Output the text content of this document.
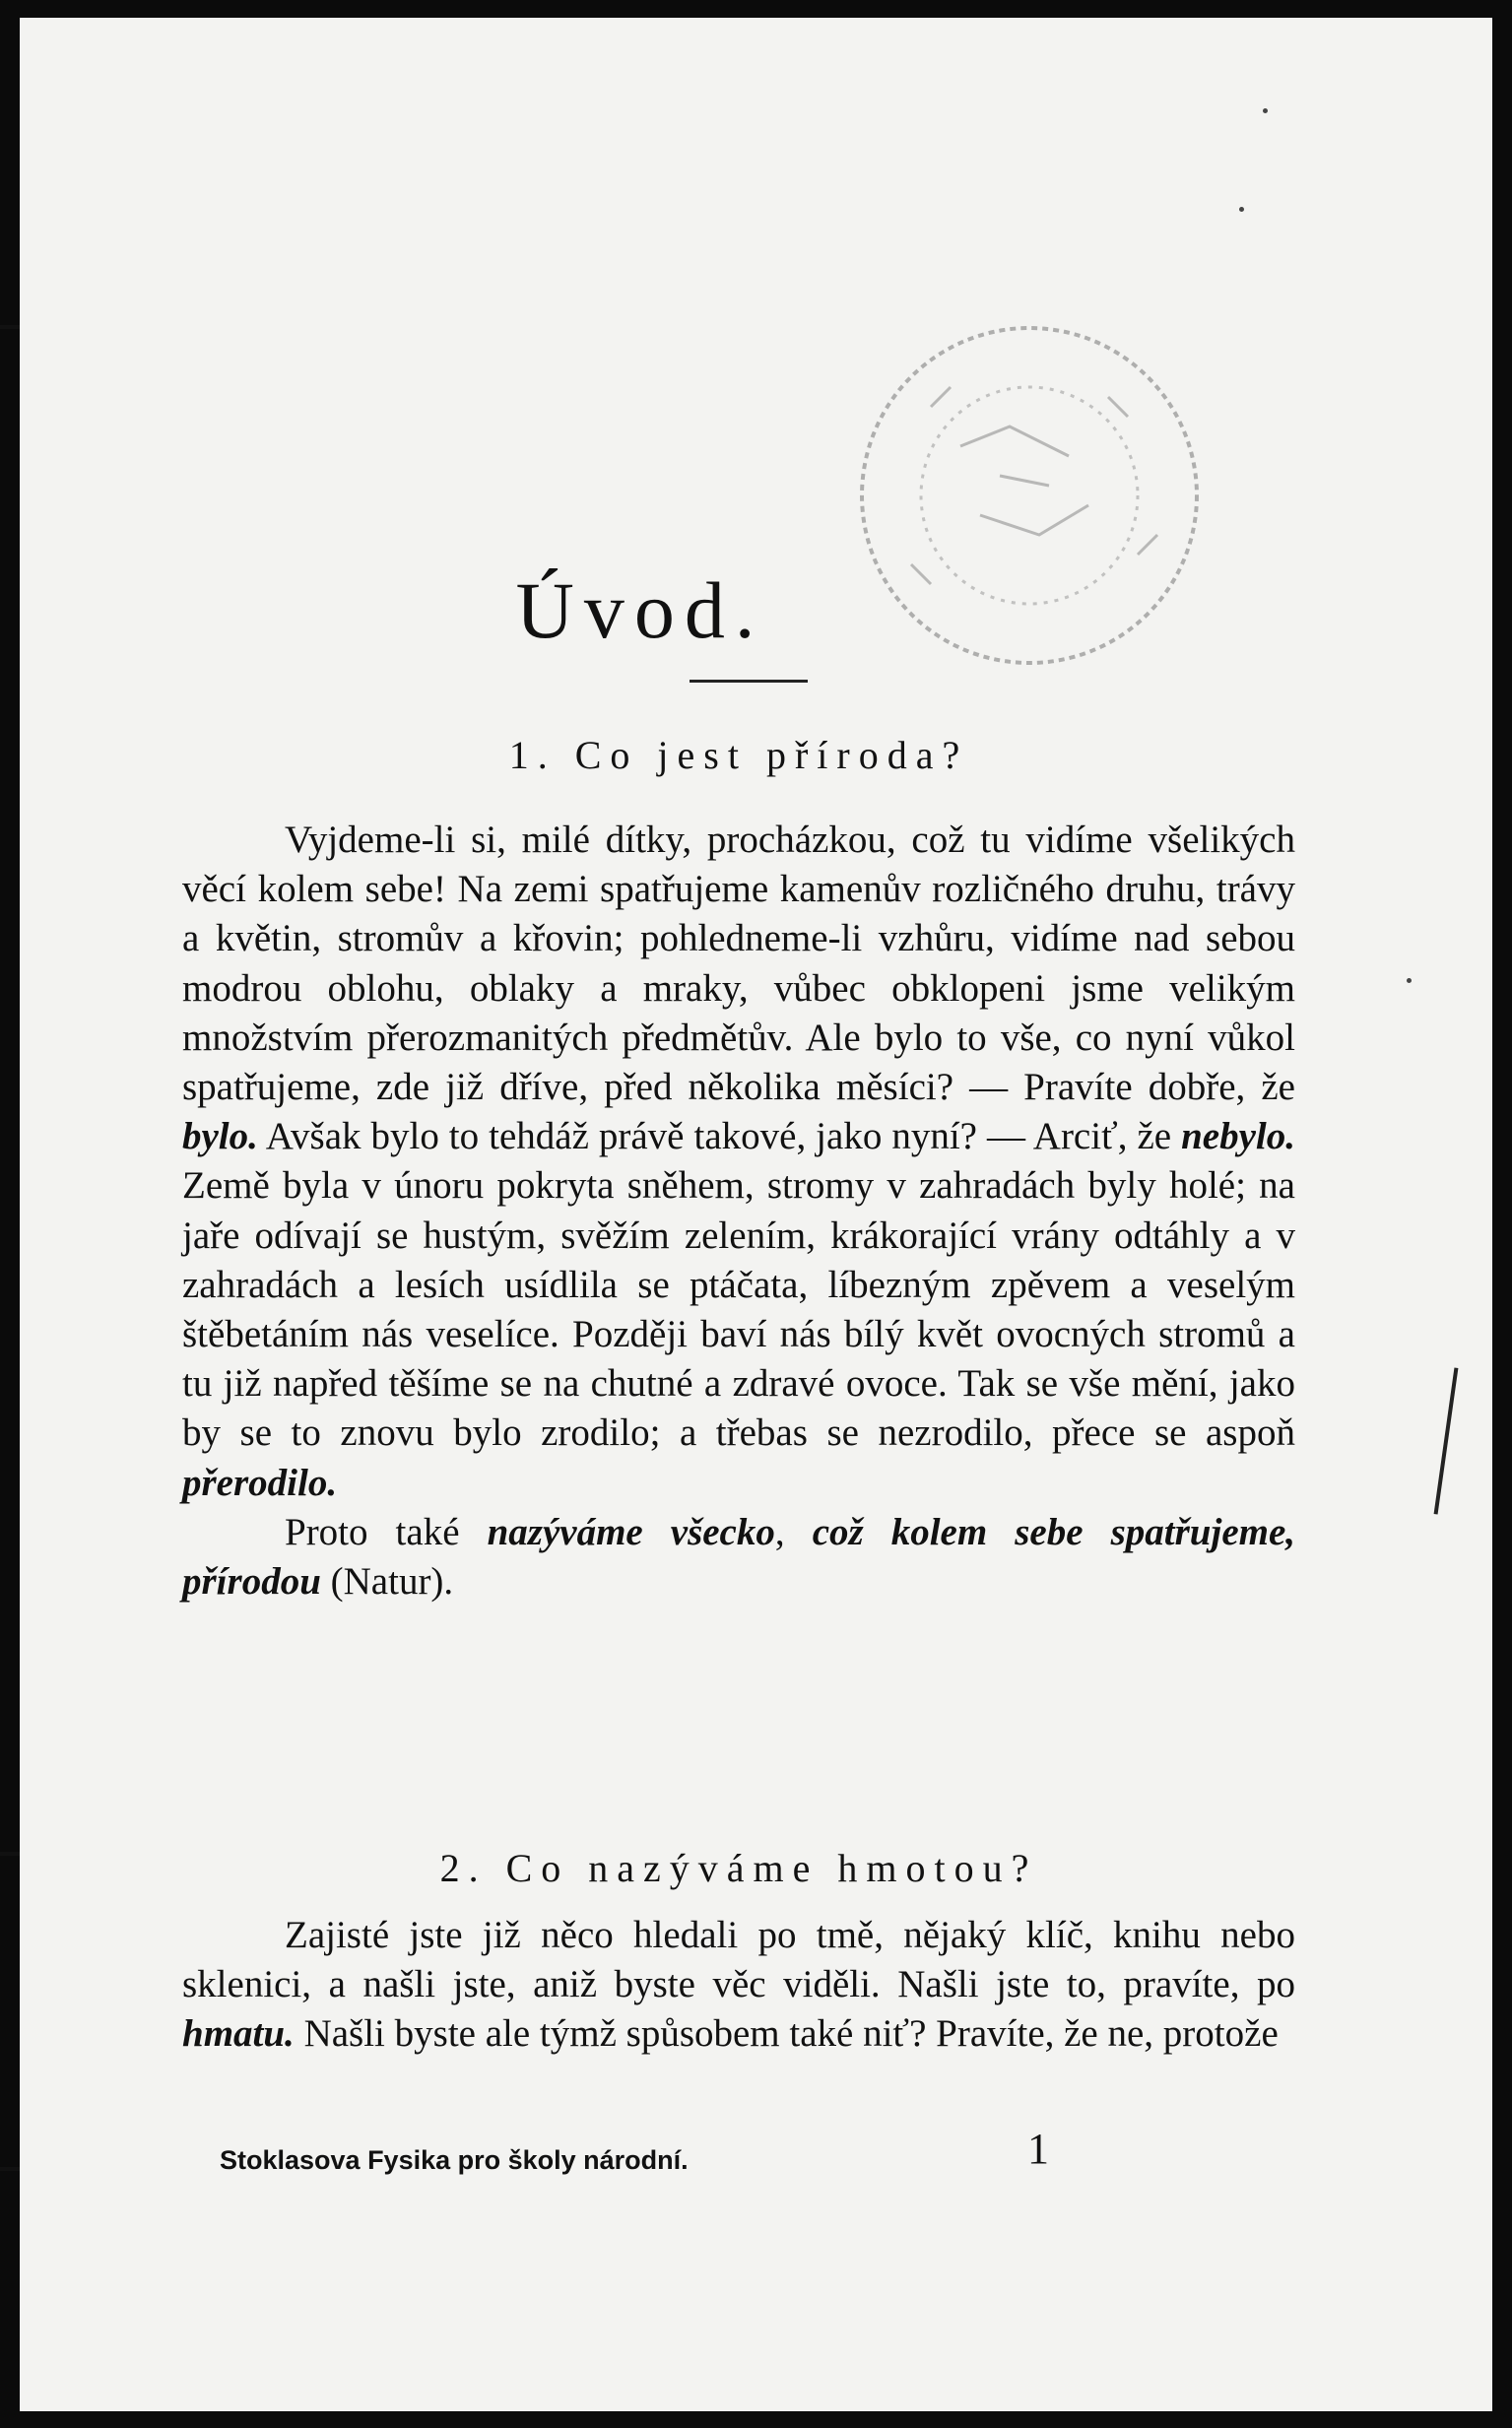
Úvod.
1. Co jest příroda?

Vyjdeme-li si, milé dítky, procházkou, což tu vidíme všelikých věcí kolem sebe! Na zemi spatřujeme kamenův rozličného druhu, trávy a květin, stromův a křovin; pohledneme-li vzhůru, vidíme nad sebou modrou oblohu, oblaky a mraky, vůbec obklopeni jsme velikým množstvím přerozmanitých předmětův. Ale bylo to vše, co nyní vůkol spatřujeme, zde již dříve, před několika měsíci? — Pravíte dobře, že bylo. Avšak bylo to tehdáž právě takové, jako nyní? — Arciť, že nebylo. Země byla v únoru pokryta sněhem, stromy v zahradách byly holé; na jaře odívají se hustým, svěžím zelením, krákorající vrány odtáhly a v zahradách a lesích usídlila se ptáčata, líbezným zpěvem a veselým štěbetáním nás veselíce. Později baví nás bílý květ ovocných stromů a tu již napřed těšíme se na chutné a zdravé ovoce. Tak se vše mění, jako by se to znovu bylo zrodilo; a třebas se nezrodilo, přece se aspoň přerodilo.

Proto také nazýváme všecko, což kolem sebe spatřujeme, přírodou (Natur).

2. Co nazýváme hmotou?

Zajisté jste již něco hledali po tmě, nějaký klíč, knihu nebo sklenici, a našli jste, aniž byste věc viděli. Našli jste to, pravíte, po hmatu. Našli byste ale týmž spůsobem také niť? Pravíte, že ne, protože

Stoklasova Fysika pro školy národní.	1
